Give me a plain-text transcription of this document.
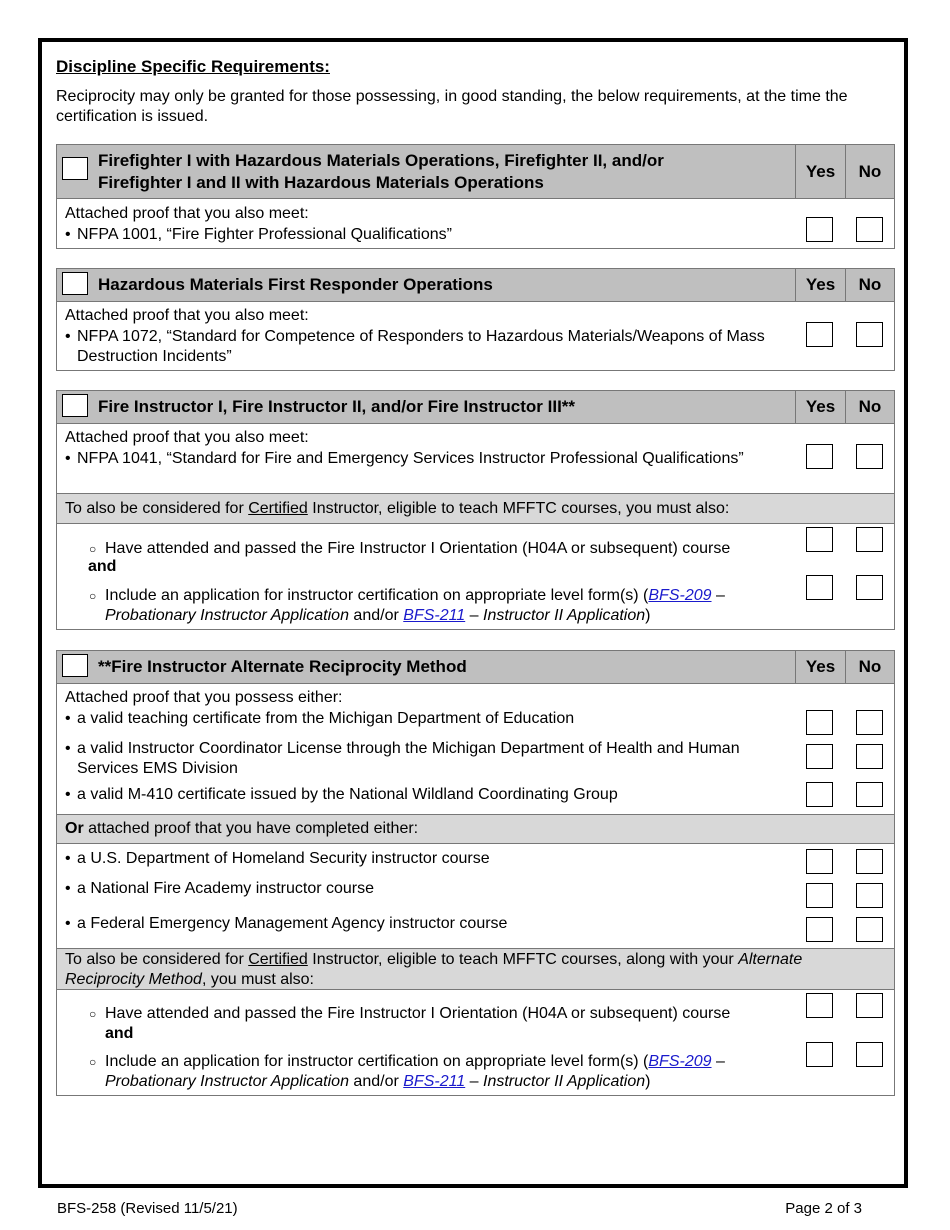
Discipline Specific Requirements:
Reciprocity may only be granted for those possessing, in good standing, the below requirements, at the time the certification is issued.
Firefighter I with Hazardous Materials Operations, Firefighter II, and/or
Firefighter I and II with Hazardous Materials Operations
Yes	No
Attached proof that you also meet:
• NFPA 1001, “Fire Fighter Professional Qualifications”
Hazardous Materials First Responder Operations	Yes	No
Attached proof that you also meet:
• NFPA 1072, “Standard for Competence of Responders to Hazardous Materials/Weapons of Mass Destruction Incidents”
Fire Instructor I, Fire Instructor II, and/or Fire Instructor III**	Yes	No
Attached proof that you also meet:
• NFPA 1041, “Standard for Fire and Emergency Services Instructor Professional Qualifications”
To also be considered for Certified Instructor, eligible to teach MFFTC courses, you must also:
○ Have attended and passed the Fire Instructor I Orientation (H04A or subsequent) course
and
○ Include an application for instructor certification on appropriate level form(s) (BFS-209 – Probationary Instructor Application and/or BFS-211 – Instructor II Application)
**Fire Instructor Alternate Reciprocity Method	Yes	No
Attached proof that you possess either:
• a valid teaching certificate from the Michigan Department of Education
• a valid Instructor Coordinator License through the Michigan Department of Health and Human Services EMS Division
• a valid M-410 certificate issued by the National Wildland Coordinating Group
Or attached proof that you have completed either:
• a U.S. Department of Homeland Security instructor course
• a National Fire Academy instructor course
• a Federal Emergency Management Agency instructor course
To also be considered for Certified Instructor, eligible to teach MFFTC courses, along with your Alternate Reciprocity Method, you must also:
○ Have attended and passed the Fire Instructor I Orientation (H04A or subsequent) course
and
○ Include an application for instructor certification on appropriate level form(s) (BFS-209 – Probationary Instructor Application and/or BFS-211 – Instructor II Application)
BFS-258 (Revised 11/5/21)	Page 2 of 3
